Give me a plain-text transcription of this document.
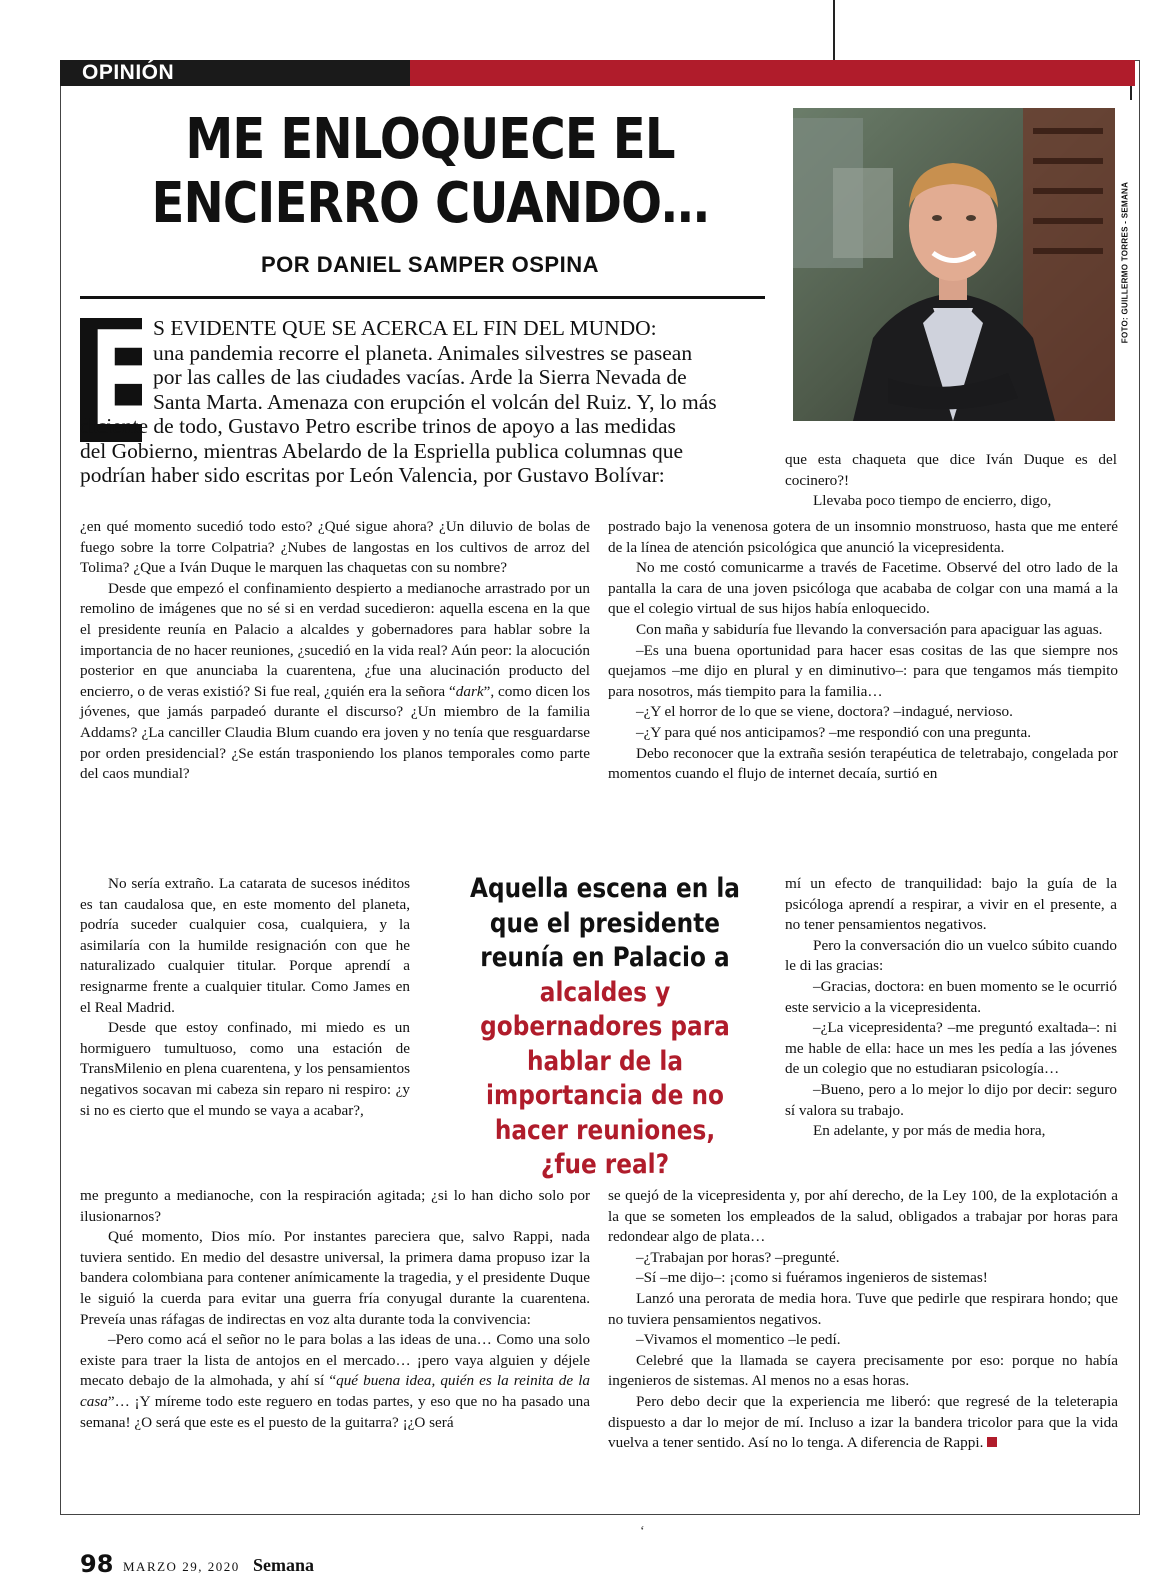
OPINIÓN
ME ENLOQUECE EL
ENCIERRO CUANDO…
POR DANIEL SAMPER OSPINA	FOTO: GUILLERMO TORRES - SEMANA
E S EVIDENTE QUE SE ACERCA EL FIN DEL MUNDO:
una pandemia recorre el planeta. Animales silvestres se pasean
por las calles de las ciudades vacías. Arde la Sierra Nevada de
Santa Marta. Amenaza con erupción el volcán del Ruiz. Y, lo más
diciente de todo, Gustavo Petro escribe trinos de apoyo a las medidas
del Gobierno, mientras Abelardo de la Espriella publica columnas que
podrían haber sido escritas por León Valencia, por Gustavo Bolívar:

que esta chaqueta que dice Iván Duque es del cocinero?!

Llevaba poco tiempo de encierro, digo,

¿en qué momento sucedió todo esto? ¿Qué sigue ahora? ¿Un diluvio de bolas de fuego sobre la torre Colpatria? ¿Nubes de langostas en los cultivos de arroz del Tolima? ¿Que a Iván Duque le marquen las chaquetas con su nombre?

Desde que empezó el confinamiento despierto a medianoche arrastrado por un remolino de imágenes que no sé si en verdad sucedieron: aquella escena en la que el presidente reunía en Palacio a alcaldes y gobernadores para hablar sobre la importancia de no hacer reuniones, ¿sucedió en la vida real? Aún peor: la alocución posterior en que anunciaba la cuarentena, ¿fue una alucinación producto del encierro, o de veras existió? Si fue real, ¿quién era la señora “dark”, como dicen los jóvenes, que jamás parpadeó durante el discurso? ¿Un miembro de la familia Addams? ¿La canciller Claudia Blum cuando era joven y no tenía que resguardarse por orden presidencial? ¿Se están trasponiendo los planos temporales como parte del caos mundial?

No sería extraño. La catarata de sucesos inéditos es tan caudalosa que, en este momento del planeta, podría suceder cualquier cosa, cualquiera, y la asimilaría con la humilde resignación con que he naturalizado cualquier titular. Porque aprendí a resignarme frente a cualquier titular. Como James en el Real Madrid.

Desde que estoy confinado, mi miedo es un hormiguero tumultuoso, como una estación de TransMilenio en plena cuarentena, y los pensamientos negativos socavan mi cabeza sin reparo ni respiro: ¿y si no es cierto que el mundo se vaya a acabar?,

me pregunto a medianoche, con la respiración agitada; ¿si lo han dicho solo por ilusionarnos?

Qué momento, Dios mío. Por instantes pareciera que, salvo Rappi, nada tuviera sentido. En medio del desastre universal, la primera dama propuso izar la bandera colombiana para contener anímicamente la tragedia, y el presidente Duque le siguió la cuerda para evitar una guerra fría conyugal durante la cuarentena. Preveía unas ráfagas de indirectas en voz alta durante toda la convivencia:

–Pero como acá el señor no le para bolas a las ideas de una… Como una solo existe para traer la lista de antojos en el mercado… ¡pero vaya alguien y déjele mecato debajo de la almohada, y ahí sí “qué buena idea, quién es la reinita de la casa”… ¡Y míreme todo este reguero en todas partes, y eso que no ha pasado una semana! ¿O será que este es el puesto de la guitarra? ¡¿O será

postrado bajo la venenosa gotera de un insomnio monstruoso, hasta que me enteré de la línea de atención psicológica que anunció la vicepresidenta.

No me costó comunicarme a través de Facetime. Observé del otro lado de la pantalla la cara de una joven psicóloga que acababa de colgar con una mamá a la que el colegio virtual de sus hijos había enloquecido.

Con maña y sabiduría fue llevando la conversación para apaciguar las aguas.

–Es una buena oportunidad para hacer esas cositas de las que siempre nos quejamos –me dijo en plural y en diminutivo–: para que tengamos más tiempito para nosotros, más tiempito para la familia…

–¿Y el horror de lo que se viene, doctora? –indagué, nervioso.

–¿Y para qué nos anticipamos? –me respondió con una pregunta.

Debo reconocer que la extraña sesión terapéutica de teletrabajo, congelada por momentos cuando el flujo de internet decaía, surtió en

mí un efecto de tranquilidad: bajo la guía de la psicóloga aprendí a respirar, a vivir en el presente, a no tener pensamientos negativos.

Pero la conversación dio un vuelco súbito cuando le di las gracias:

–Gracias, doctora: en buen momento se le ocurrió este servicio a la vicepresidenta.

–¿La vicepresidenta? –me preguntó exaltada–: ni me hable de ella: hace un mes les pedía a las jóvenes de un colegio que no estudiaran psicología…

–Bueno, pero a lo mejor lo dijo por decir: seguro sí valora su trabajo.

En adelante, y por más de media hora,

se quejó de la vicepresidenta y, por ahí derecho, de la Ley 100, de la explotación a la que se someten los empleados de la salud, obligados a trabajar por horas para redondear algo de plata…

–¿Trabajan por horas? –pregunté.

–Sí –me dijo–: ¡como si fuéramos ingenieros de sistemas!

Lanzó una perorata de media hora. Tuve que pedirle que respirara hondo; que no tuviera pensamientos negativos.

–Vivamos el momentico –le pedí.

Celebré que la llamada se cayera precisamente por eso: porque no había ingenieros de sistemas. Al menos no a esas horas.

Pero debo decir que la experiencia me liberó: que regresé de la teleterapia dispuesto a dar lo mejor de mí. Incluso a izar la bandera tricolor para que la vida vuelva a tener sentido. Así no lo tenga. A diferencia de Rappi.

Aquella escena en la que el presidente reunía en Palacio a alcaldes y gobernadores para hablar de la importancia de no hacer reuniones, ¿fue real?
‘
98 MARZO 29, 2020 Semana
